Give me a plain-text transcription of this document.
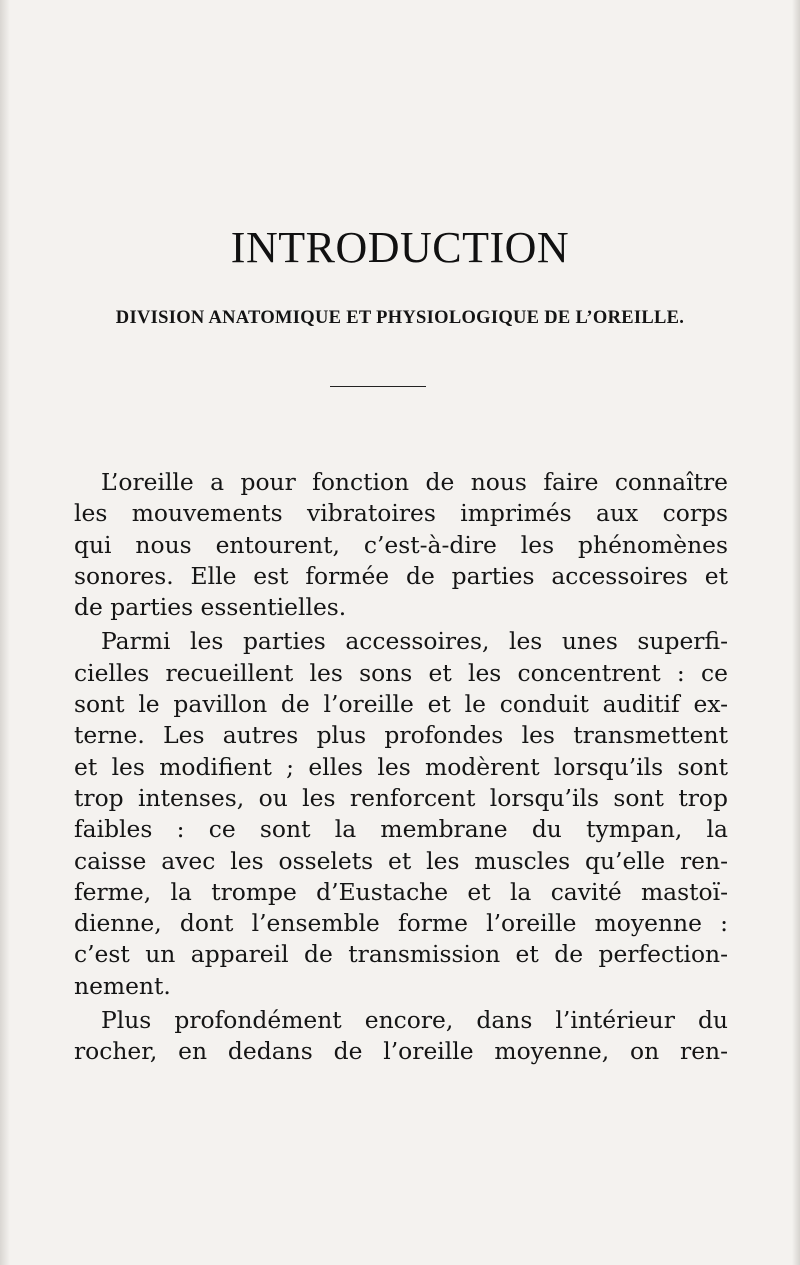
INTRODUCTION
DIVISION ANATOMIQUE ET PHYSIOLOGIQUE DE L’OREILLE.
L’oreille a pour fonction de nous faire connaître
les mouvements vibratoires imprimés aux corps
qui nous entourent, c’est-à-dire les phénomènes
sonores. Elle est formée de parties accessoires et
de parties essentielles.
Parmi les parties accessoires, les unes superfi-
cielles recueillent les sons et les concentrent : ce
sont le pavillon de l’oreille et le conduit auditif ex-
terne. Les autres plus profondes les transmettent
et les modifient ; elles les modèrent lorsqu’ils sont
trop intenses, ou les renforcent lorsqu’ils sont trop
faibles : ce sont la membrane du tympan, la
caisse avec les osselets et les muscles qu’elle ren-
ferme, la trompe d’Eustache et la cavité mastoï-
dienne, dont l’ensemble forme l’oreille moyenne :
c’est un appareil de transmission et de perfection-
nement.
Plus profondément encore, dans l’intérieur du
rocher, en dedans de l’oreille moyenne, on ren-
